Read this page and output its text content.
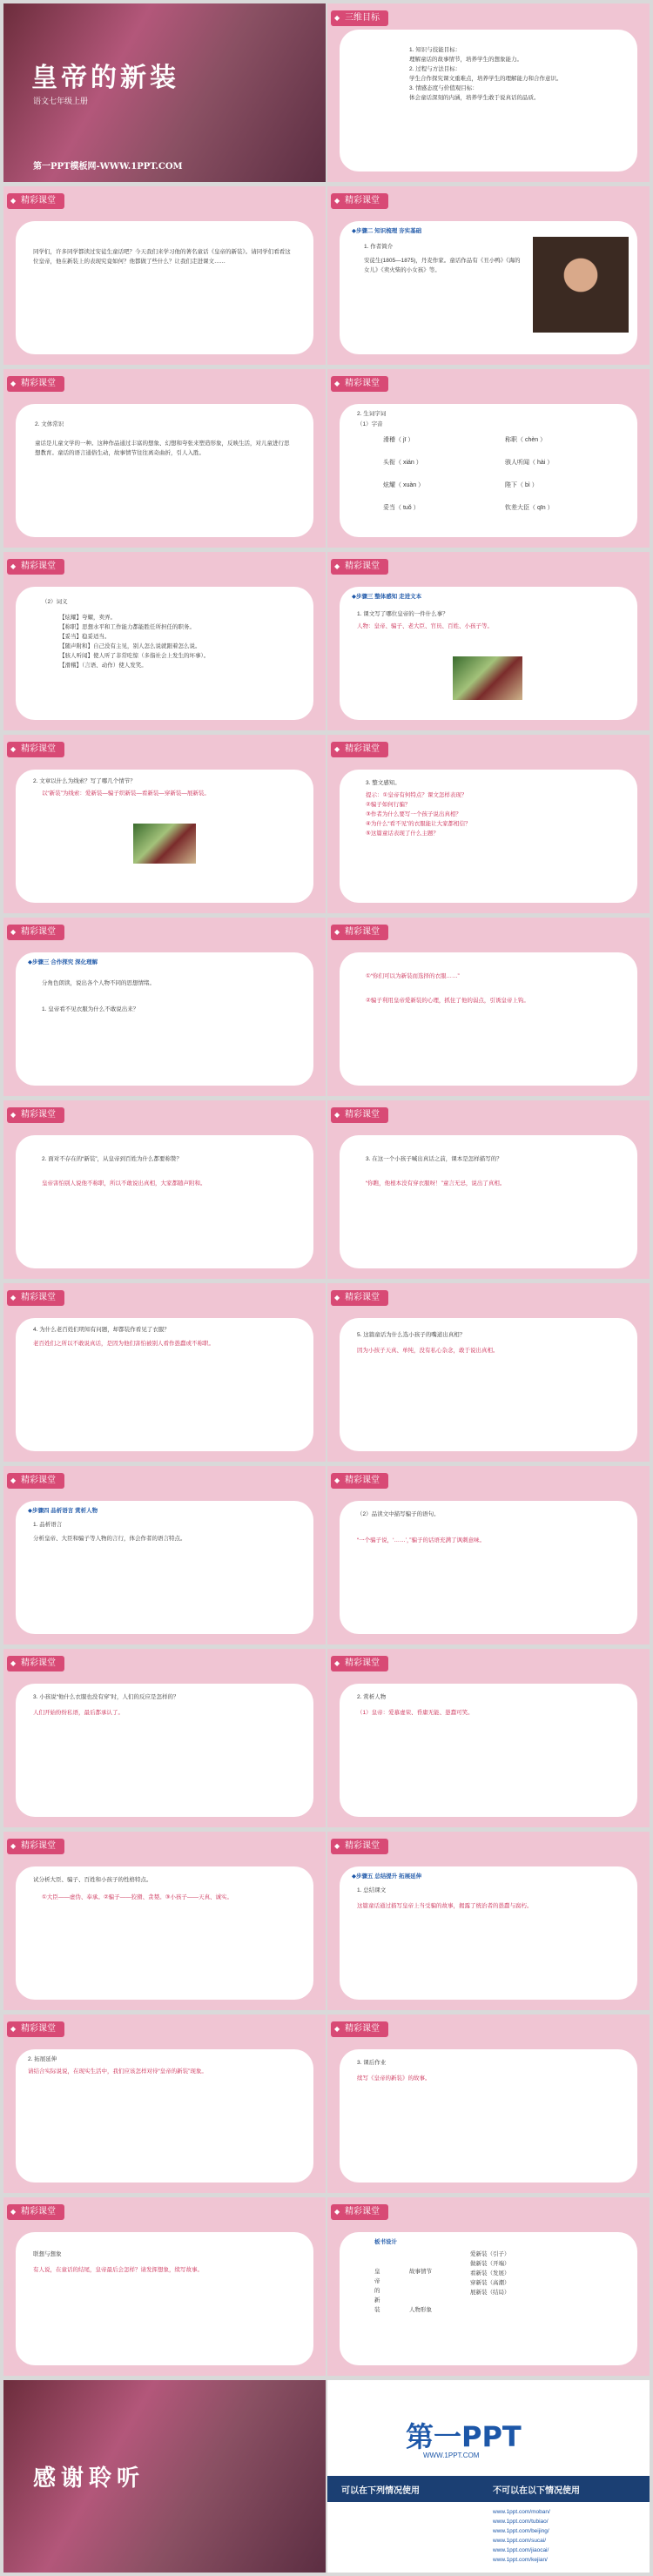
皇帝的新装
语文七年级上册
第一PPT模板网-WWW.1PPT.COM
◆ 三维目标
1. 知识与技能目标：
理解童话的故事情节，培养学生的想象能力。
2. 过程与方法目标：
学生合作探究课文重难点，培养学生的理解能力和合作意识。
3. 情感态度与价值观目标：
体会童话深刻的内涵，培养学生敢于说真话的品质。
◆ 精彩课堂
同学们，许多同学都读过安徒生童话吧？今天我们来学习他的著名童话《皇帝的新装》。请同学们看看这位皇帝，他在新装上的表现究竟如何？他都做了些什么？让我们走进课文……
◆ 精彩课堂
◆步骤二 知识梳理 夯实基础
1. 作者简介
安徒生(1805—1875)，丹麦作家。童话作品有《丑小鸭》《海的女儿》《卖火柴的小女孩》等。
◆ 精彩课堂
2. 文体常识
童话是儿童文学的一种。这种作品通过丰富的想象、幻想和夸张来塑造形象，反映生活，对儿童进行思想教育。童话的语言通俗生动，故事情节往往离奇曲折，引人入胜。
◆ 精彩课堂
2. 生词字词
（1）字音
滑稽（ jī ）	称职（ chèn ）
头衔（ xián ）	骇人听闻（ hài ）
炫耀（ xuàn ）	陛下（ bì ）
妥当（ tuǒ ）	钦差大臣（ qīn ）
◆ 精彩课堂
（2）词义
【炫耀】夸耀，卖弄。
【称职】思想水平和工作能力都能胜任所担任的职务。
【妥当】稳妥适当。
【随声附和】自己没有主见，别人怎么说就跟着怎么说。
【骇人听闻】使人听了非常吃惊（多指社会上发生的坏事）。
【滑稽】（言语、动作）使人发笑。
◆ 精彩课堂
◆步骤三 整体感知 走进文本
1. 课文写了哪位皇帝的一件什么事？
人物：皇帝、骗子、老大臣、官员、百姓、小孩子等。
◆ 精彩课堂
2. 文章以什么为线索？写了哪几个情节？
以“新装”为线索：爱新装—骗子织新装—看新装—穿新装—展新装。
◆ 精彩课堂
3. 整文感知。
提示：①皇帝有何特点？课文怎样表现？
②骗子如何行骗？
③作者为什么要写一个孩子说出真相？
④为什么“看不见”的衣服能让大家都相信？
⑤这篇童话表现了什么主题？
◆ 精彩课堂
◆步骤三 合作探究 深化理解
分角色朗读，说出各个人物不同的思想情绪。
1. 皇帝看不见衣服为什么不敢说出来？
◆ 精彩课堂
①“你们可以为新装而选择的衣服……”
②骗子利用皇帝爱新装的心理，抓住了他的弱点，引诱皇帝上钩。
◆ 精彩课堂
2. 面对不存在的“新装”，从皇帝到百姓为什么都要称赞？
皇帝害怕别人说他不称职，所以不敢说出真相，大家都随声附和。
◆ 精彩课堂
3. 在这一个小孩子喊出真话之前，课本是怎样描写的？
“你瞧，他根本没有穿衣服呀！”童言无忌，说出了真相。
◆ 精彩课堂
4. 为什么老百姓们明知有问题，却都装作看见了衣服？
老百姓们之所以不敢说真话，是因为他们害怕被别人看作愚蠢或不称职。
◆ 精彩课堂
5. 这篇童话为什么选小孩子的嘴道出真相？
因为小孩子天真、单纯，没有私心杂念，敢于说出真相。
◆ 精彩课堂
◆步骤四 品析语言 赏析人物
1. 品析语言
分析皇帝、大臣和骗子等人物的言行，体会作者的语言特点。
◆ 精彩课堂
（2）品读文中描写骗子的语句。
“一个骗子说，‘……’，”骗子的话语充满了讽刺意味。
◆ 精彩课堂
3. 小孩说“他什么衣服也没有穿”时，人们的反应是怎样的？
人们开始纷纷私语，最后都承认了。
◆ 精彩课堂
2. 赏析人物
（1）皇帝：爱慕虚荣、昏庸无能、愚蠢可笑。
◆ 精彩课堂
试分析大臣、骗子、百姓和小孩子的性格特点。
①大臣——虚伪、奉承。②骗子——狡猾、贪婪。③小孩子——天真、诚实。
◆ 精彩课堂
◆步骤五 总结提升 拓展延伸
1. 总结课文
这篇童话通过描写皇帝上当受骗的故事，揭露了统治者的愚蠢与腐朽。
◆ 精彩课堂
2. 拓展延伸
请结合实际说说，在现实生活中，我们应该怎样对待“皇帝的新装”现象。
◆ 精彩课堂
3. 课后作业
续写《皇帝的新装》的故事。
◆ 精彩课堂
联想与想象
有人说，在童话的结尾，皇帝最后会怎样？请发挥想象，续写故事。
◆ 精彩课堂
板书设计
皇帝的新装
故事情节
爱新装（引子）
做新装（开端）
看新装（发展）
穿新装（高潮）
展新装（结局）
人物形象
感谢聆听
第一PPT
WWW.1PPT.COM
可以在下列情况使用	不可以在以下情况使用
www.1ppt.com/moban/
www.1ppt.com/tubiao/
www.1ppt.com/beijing/
www.1ppt.com/sucai/
www.1ppt.com/jiaocai/
www.1ppt.com/kejian/
